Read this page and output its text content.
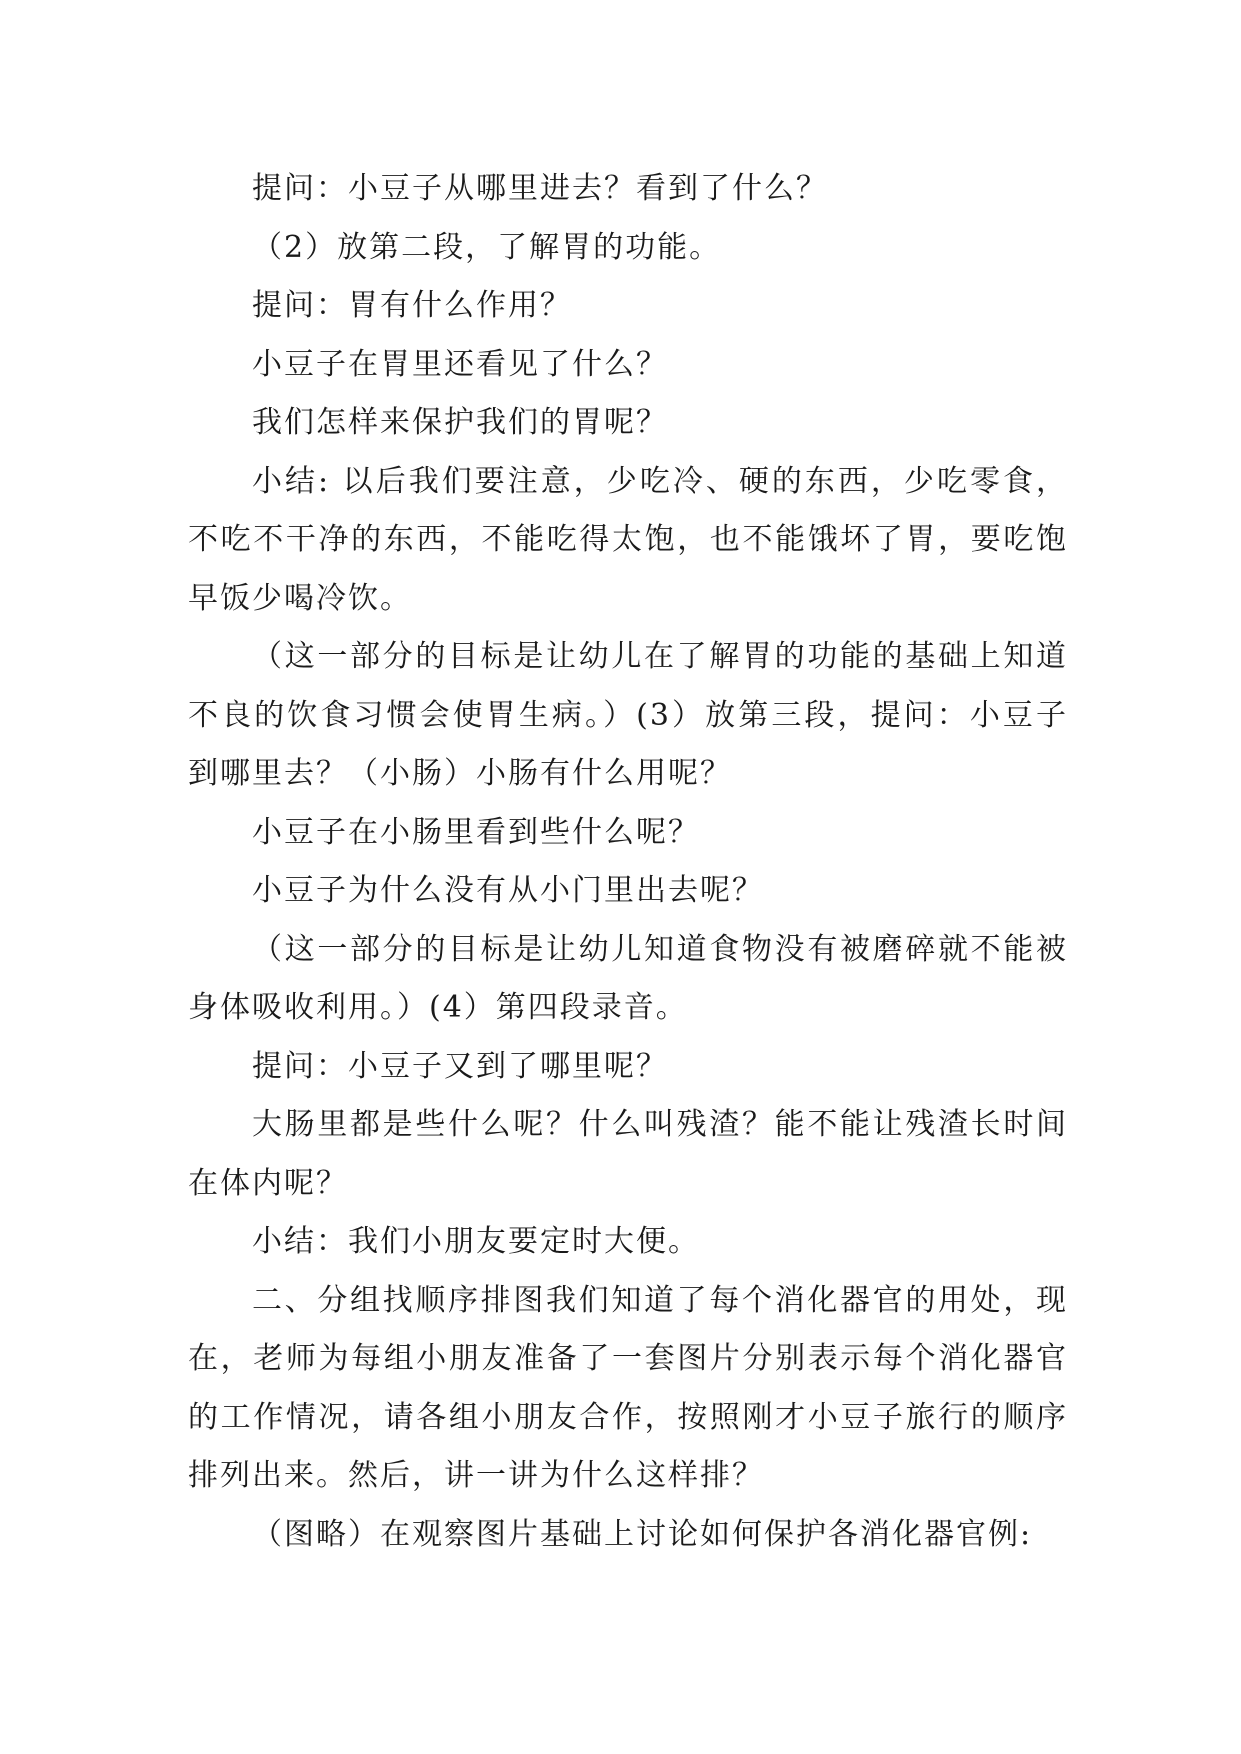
提问：小豆子从哪里进去？看到了什么？

（2）放第二段，了解胃的功能。

提问：胃有什么作用？

小豆子在胃里还看见了什么？

我们怎样来保护我们的胃呢？

小结: 以后我们要注意，少吃冷、硬的东西，少吃零食，不吃不干净的东西，不能吃得太饱，也不能饿坏了胃，要吃饱早饭少喝冷饮。

（这一部分的目标是让幼儿在了解胃的功能的基础上知道不良的饮食习惯会使胃生病。）(3）放第三段，提问：小豆子到哪里去？（小肠）小肠有什么用呢？

小豆子在小肠里看到些什么呢？

小豆子为什么没有从小门里出去呢？

（这一部分的目标是让幼儿知道食物没有被磨碎就不能被身体吸收利用。）(4）第四段录音。

提问：小豆子又到了哪里呢？

大肠里都是些什么呢？什么叫残渣？能不能让残渣长时间在体内呢？

小结：我们小朋友要定时大便。

二、分组找顺序排图我们知道了每个消化器官的用处，现在，老师为每组小朋友准备了一套图片分别表示每个消化器官的工作情况，请各组小朋友合作，按照刚才小豆子旅行的顺序排列出来。然后，讲一讲为什么这样排？

（图略）在观察图片基础上讨论如何保护各消化器官例:
